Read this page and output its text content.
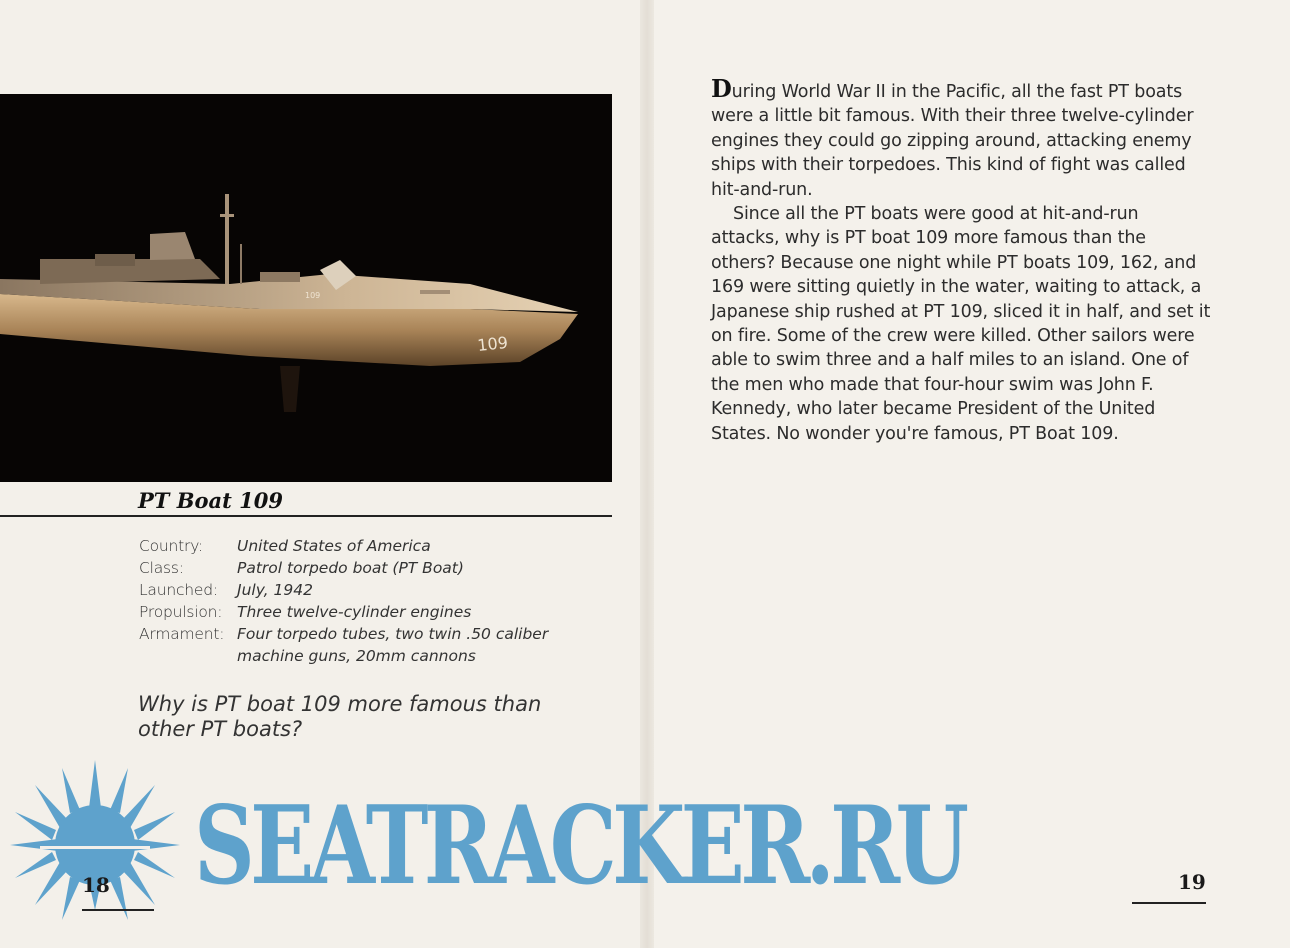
109
109
PT Boat 109
Country:	United States of America
Class:	Patrol torpedo boat (PT Boat)
Launched:	July, 1942
Propulsion: Three twelve-cylinder engines
Armament: Four torpedo tubes, two twin .50 caliber machine guns, 20mm cannons
Why is PT boat 109 more famous than other PT boats?

During World War II in the Pacific, all the fast PT boats were a little bit famous. With their three twelve-cylinder engines they could go zipping around, attacking enemy ships with their torpedoes. This kind of fight was called hit-and-run.

Since all the PT boats were good at hit-and-run attacks, why is PT boat 109 more famous than the others? Because one night while PT boats 109, 162, and 169 were sitting quietly in the water, waiting to attack, a Japanese ship rushed at PT 109, sliced it in half, and set it on fire. Some of the crew were killed. Other sailors were able to swim three and a half miles to an island. One of the men who made that four-hour swim was John F. Kennedy, who later became President of the United States. No wonder you're famous, PT Boat 109.

SEATRACKER.RU
18	19
